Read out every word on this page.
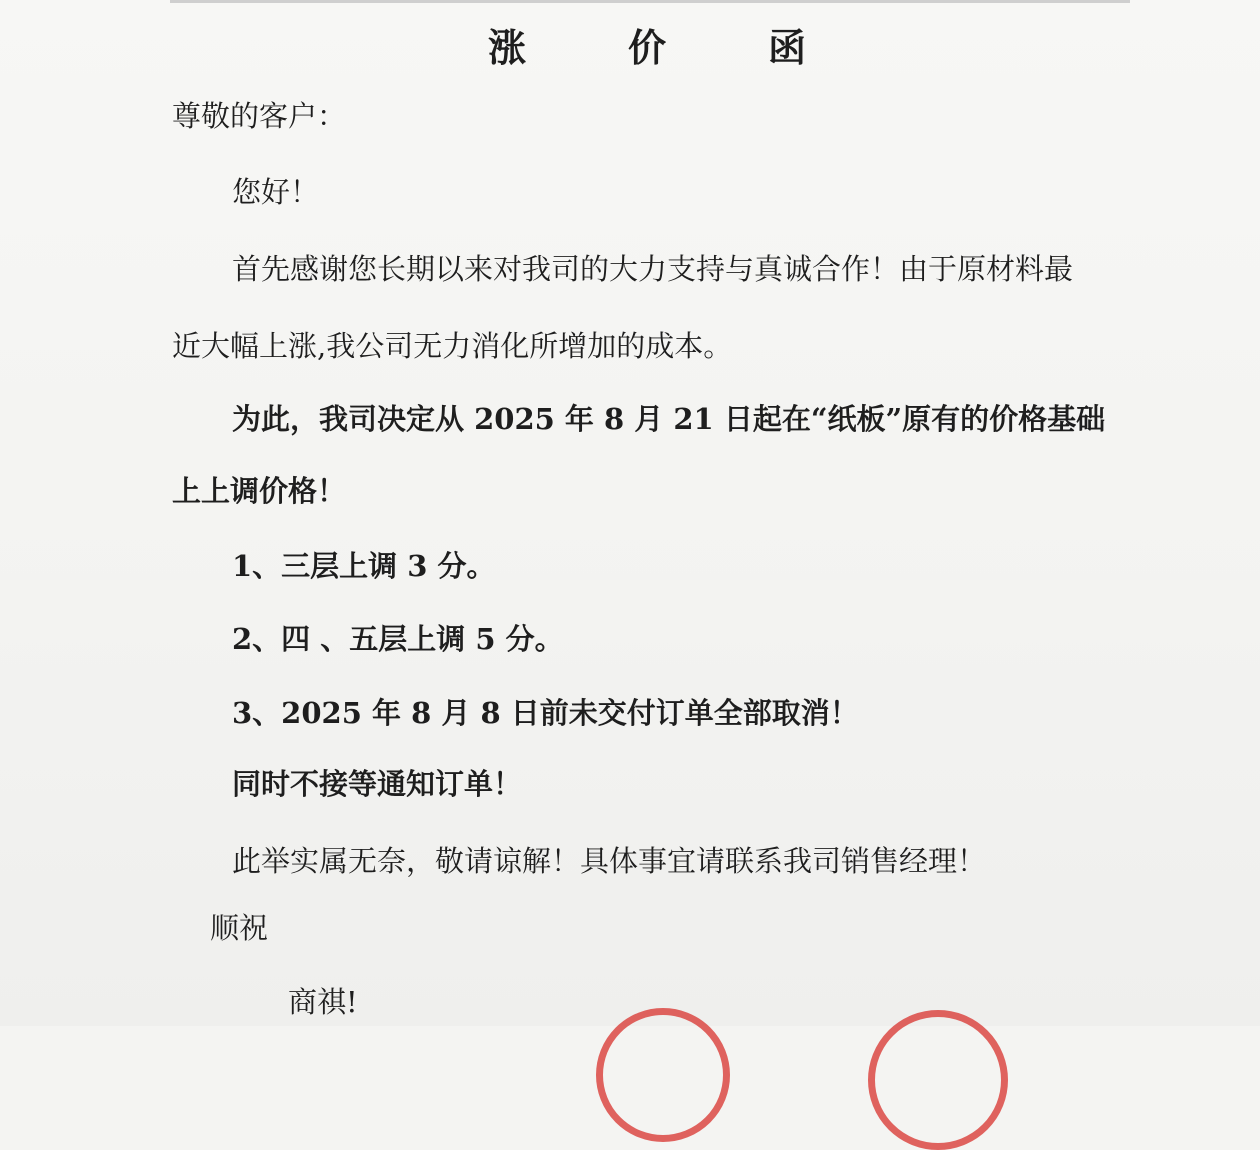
涨价函
尊敬的客户：
您好！
首先感谢您长期以来对我司的大力支持与真诚合作！由于原材料最
近大幅上涨,我公司无力消化所增加的成本。
为此，我司决定从 2025 年 8 月 21 日起在“纸板”原有的价格基础
上上调价格！
1、三层上调 3 分。
2、四 、五层上调 5 分。
3、2025 年 8 月 8 日前未交付订单全部取消！
同时不接等通知订单！
此举实属无奈，敬请谅解！具体事宜请联系我司销售经理！
顺祝
商祺!
